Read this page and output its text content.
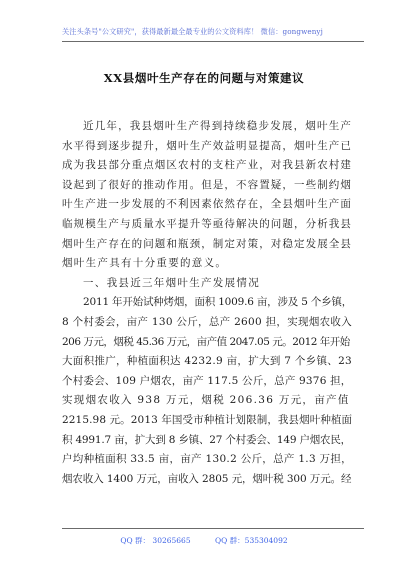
关注头条号"公文研究"，获得最新最全最专业的公文资料库！ 微信：gongwenyj
XX县烟叶生产存在的问题与对策建议
近几年，我县烟叶生产得到持续稳步发展，烟叶生产
水平得到逐步提升，烟叶生产效益明显提高，烟叶生产已
成为我县部分重点烟区农村的支柱产业，对我县新农村建
设起到了很好的推动作用。但是，不容置疑，一些制约烟
叶生产进一步发展的不利因素依然存在，全县烟叶生产面
临规模生产与质量水平提升等亟待解决的问题，分析我县
烟叶生产存在的问题和瓶颈，制定对策，对稳定发展全县
烟叶生产具有十分重要的意义。
一、我县近三年烟叶生产发展情况
2011 年开始试种烤烟，面积 1009.6 亩，涉及 5 个乡镇，
8 个村委会，亩产 130 公斤，总产 2600 担，实现烟农收入
206 万元，烟税 45.36 万元，亩产值 2047.05 元。2012 年开始
大面积推广，种植面积达 4232.9 亩，扩大到 7 个乡镇、23
个村委会、109 户烟农，亩产 117.5 公斤，总产 9376 担，
实现烟农收入 938 万元，烟税 206.36 万元，亩产值
2215.98 元。2013 年国受市种植计划限制，我县烟叶种植面
积 4991.7 亩，扩大到 8 乡镇、27 个村委会、149 户烟农民，
户均种植面积 33.5 亩，亩产 130.2 公斤，总产 1.3 万担，
烟农收入 1400 万元，亩收入 2805 元，烟叶税 300 万元。经
QQ 群： 30265665	QQ 群：535304092
